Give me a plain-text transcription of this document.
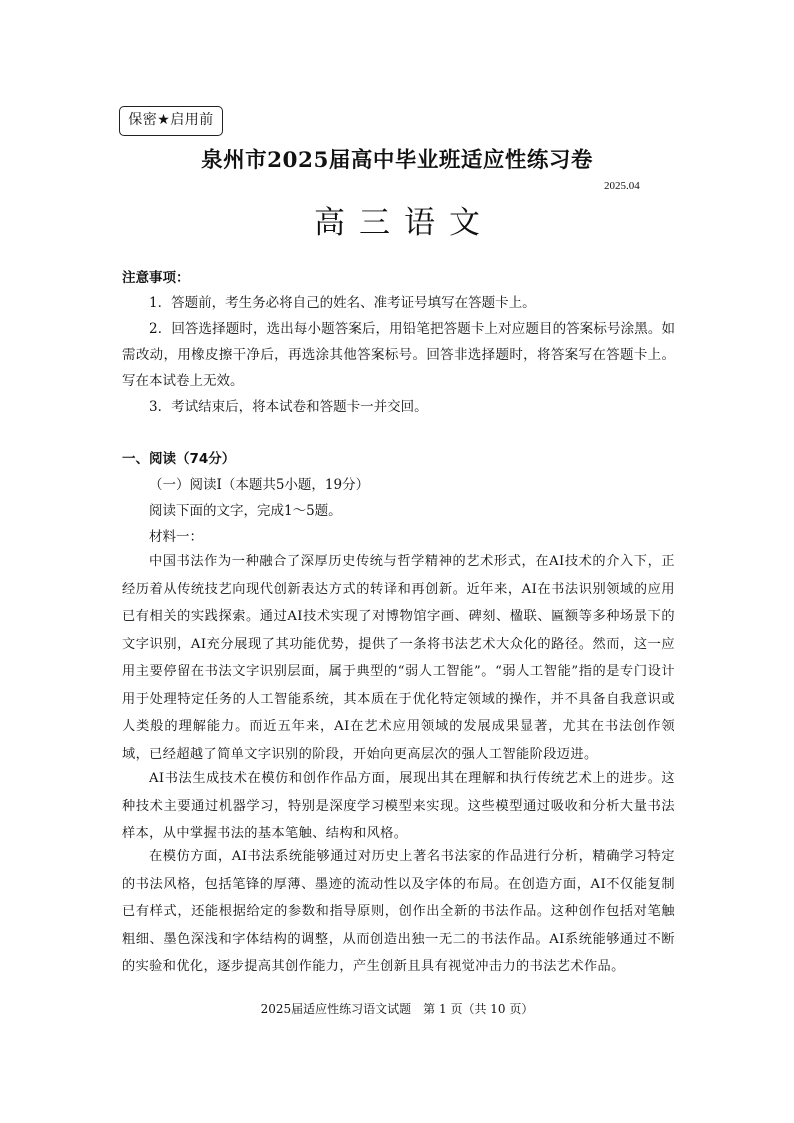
保密★启用前
泉州市2025届高中毕业班适应性练习卷
2025.04
高三语文
注意事项：
1．答题前，考生务必将自己的姓名、准考证号填写在答题卡上。
2．回答选择题时，选出每小题答案后，用铅笔把答题卡上对应题目的答案标号涂黑。如需改动，用橡皮擦干净后，再选涂其他答案标号。回答非选择题时，将答案写在答题卡上。写在本试卷上无效。
3．考试结束后，将本试卷和答题卡一并交回。
一、阅读（74分）
（一）阅读Ⅰ（本题共5小题，19分）
阅读下面的文字，完成1～5题。
材料一：
中国书法作为一种融合了深厚历史传统与哲学精神的艺术形式，在AI技术的介入下，正经历着从传统技艺向现代创新表达方式的转译和再创新。近年来，AI在书法识别领域的应用已有相关的实践探索。通过AI技术实现了对博物馆字画、碑刻、楹联、匾额等多种场景下的文字识别，AI充分展现了其功能优势，提供了一条将书法艺术大众化的路径。然而，这一应用主要停留在书法文字识别层面，属于典型的“弱人工智能”。“弱人工智能”指的是专门设计用于处理特定任务的人工智能系统，其本质在于优化特定领域的操作，并不具备自我意识或人类般的理解能力。而近五年来，AI在艺术应用领域的发展成果显著，尤其在书法创作领域，已经超越了简单文字识别的阶段，开始向更高层次的强人工智能阶段迈进。
AI书法生成技术在模仿和创作作品方面，展现出其在理解和执行传统艺术上的进步。这种技术主要通过机器学习，特别是深度学习模型来实现。这些模型通过吸收和分析大量书法样本，从中掌握书法的基本笔触、结构和风格。
在模仿方面，AI书法系统能够通过对历史上著名书法家的作品进行分析，精确学习特定的书法风格，包括笔锋的厚薄、墨迹的流动性以及字体的布局。在创造方面，AI不仅能复制已有样式，还能根据给定的参数和指导原则，创作出全新的书法作品。这种创作包括对笔触粗细、墨色深浅和字体结构的调整，从而创造出独一无二的书法作品。AI系统能够通过不断的实验和优化，逐步提高其创作能力，产生创新且具有视觉冲击力的书法艺术作品。
2025届适应性练习语文试题　第 1 页（共 10 页）
